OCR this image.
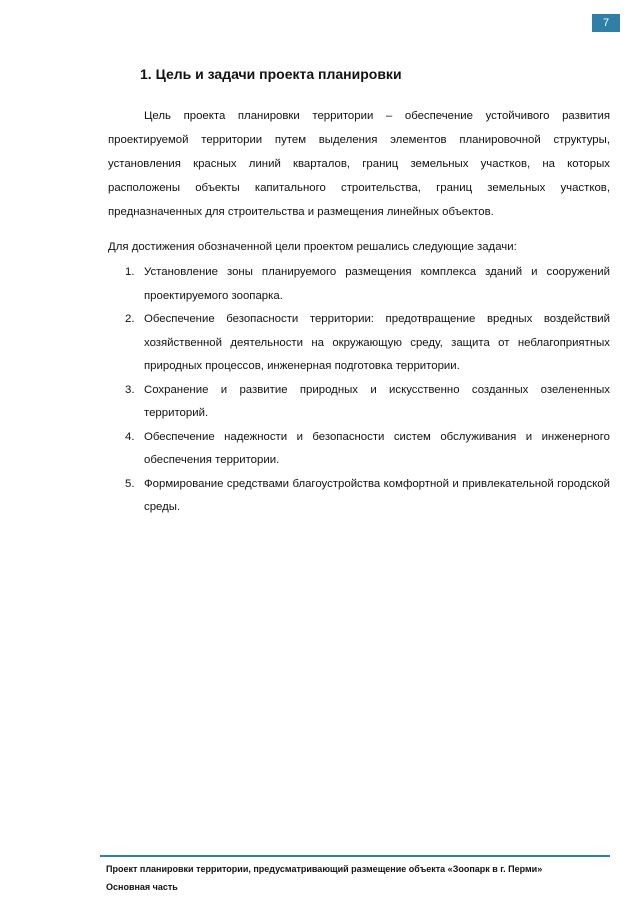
7
1. Цель и задачи проекта планировки

Цель проекта планировки территории – обеспечение устойчивого развития проектируемой территории путем выделения элементов планировочной структуры, установления красных линий кварталов, границ земельных участков, на которых расположены объекты капитального строительства, границ земельных участков, предназначенных для строительства и размещения линейных объектов.

Для достижения обозначенной цели проектом решались следующие задачи:

1. Установление зоны планируемого размещения комплекса зданий и сооружений проектируемого зоопарка.
2. Обеспечение безопасности территории: предотвращение вредных воздействий хозяйственной деятельности на окружающую среду, защита от неблагоприятных природных процессов, инженерная подготовка территории.
3. Сохранение и развитие природных и искусственно созданных озелененных территорий.
4. Обеспечение надежности и безопасности систем обслуживания и инженерного обеспечения территории.
5. Формирование средствами благоустройства комфортной и привлекательной городской среды.
Проект планировки территории, предусматривающий размещение объекта «Зоопарк в г. Перми»
Основная часть
